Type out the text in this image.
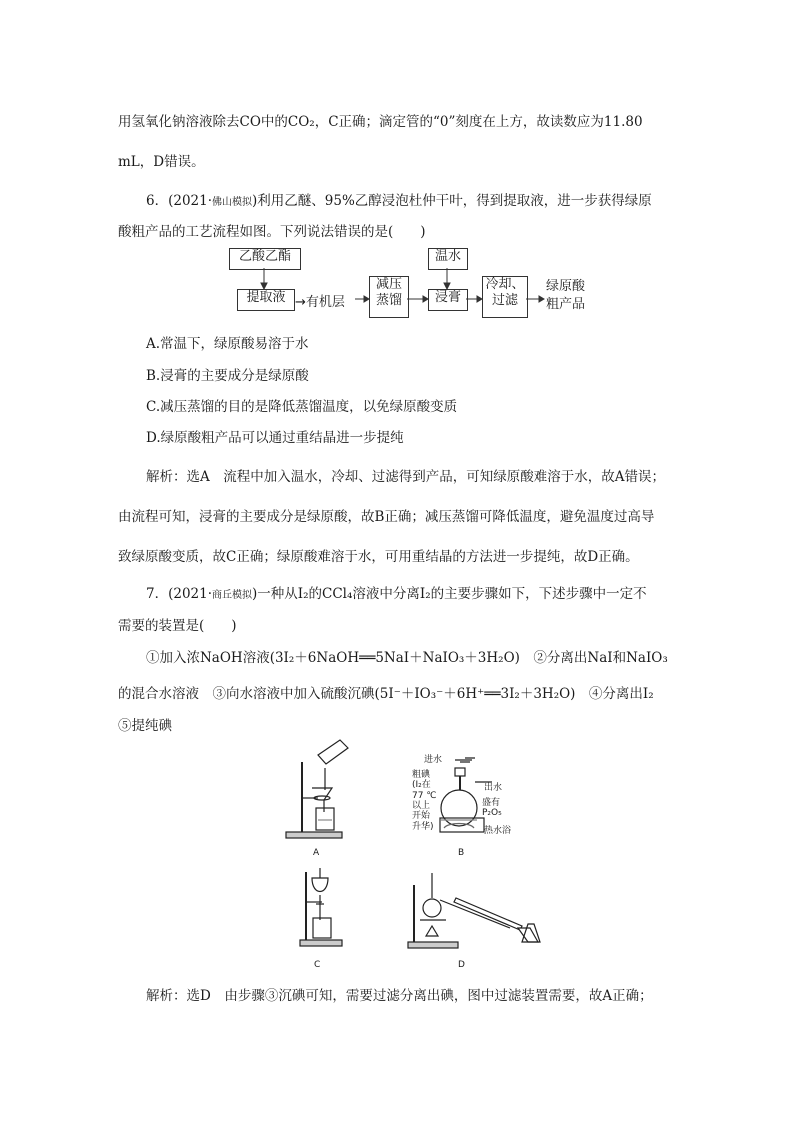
用氢氧化钠溶液除去CO中的CO₂，C正确；滴定管的“0”刻度在上方，故读数应为11.80
mL，D错误。
6．(2021·佛山模拟)利用乙醚、95%乙醇浸泡杜仲干叶，得到提取液，进一步获得绿原
酸粗产品的工艺流程如图。下列说法错误的是(　　)
乙酸乙酯	温水
提取液 →有机层
减压
蒸馏	浸膏
冷却、
过滤
绿原酸
粗产品
A.常温下，绿原酸易溶于水
B.浸膏的主要成分是绿原酸
C.减压蒸馏的目的是降低蒸馏温度，以免绿原酸变质
D.绿原酸粗产品可以通过重结晶进一步提纯
解析：选A　流程中加入温水，冷却、过滤得到产品，可知绿原酸难溶于水，故A错误；
由流程可知，浸膏的主要成分是绿原酸，故B正确；减压蒸馏可降低温度，避免温度过高导
致绿原酸变质，故C正确；绿原酸难溶于水，可用重结晶的方法进一步提纯，故D正确。
7．(2021·商丘模拟)一种从I₂的CCl₄溶液中分离I₂的主要步骤如下，下述步骤中一定不
需要的装置是(　　)
①加入浓NaOH溶液(3I₂＋6NaOH══5NaI＋NaIO₃＋3H₂O)　②分离出NaI和NaIO₃
的混合水溶液　③向水溶液中加入硫酸沉碘(5I⁻＋IO₃⁻＋6H⁺══3I₂＋3H₂O)　④分离出I₂
⑤提纯碘
A	B
C	D
进水
出水
粗碘
(I₂在
77 ℃
以上
开始
升华)
盛有
P₂O₅
热水浴
解析：选D　由步骤③沉碘可知，需要过滤分离出碘，图中过滤装置需要，故A正确；
